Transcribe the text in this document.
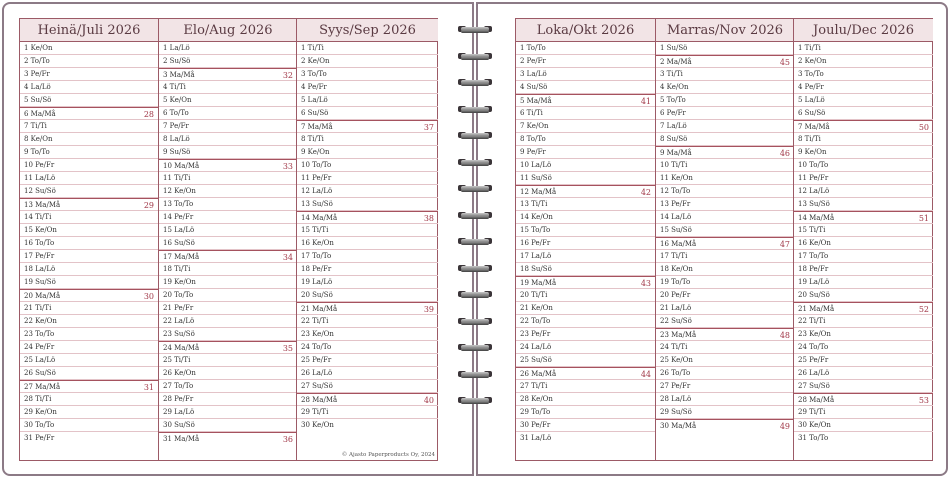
Heinä/Juli 2026
1 Ke/On
2 To/To
3 Pe/Fr
4 La/Lö
5 Su/Sö
6 Ma/Må	28
7 Ti/Ti
8 Ke/On
9 To/To
10 Pe/Fr
11 La/Lö
12 Su/Sö
13 Ma/Må	29
14 Ti/Ti
15 Ke/On
16 To/To
17 Pe/Fr
18 La/Lö
19 Su/Sö
20 Ma/Må	30
21 Ti/Ti
22 Ke/On
23 To/To
24 Pe/Fr
25 La/Lö
26 Su/Sö
27 Ma/Må	31
28 Ti/Ti
29 Ke/On
30 To/To
31 Pe/Fr
Elo/Aug 2026
1 La/Lö
2 Su/Sö
3 Ma/Må	32
4 Ti/Ti
5 Ke/On
6 To/To
7 Pe/Fr
8 La/Lö
9 Su/Sö
10 Ma/Må	33
11 Ti/Ti
12 Ke/On
13 To/To
14 Pe/Fr
15 La/Lö
16 Su/Sö
17 Ma/Må	34
18 Ti/Ti
19 Ke/On
20 To/To
21 Pe/Fr
22 La/Lö
23 Su/Sö
24 Ma/Må	35
25 Ti/Ti
26 Ke/On
27 To/To
28 Pe/Fr
29 La/Lö
30 Su/Sö
31 Ma/Må	36
Syys/Sep 2026
1 Ti/Ti
2 Ke/On
3 To/To
4 Pe/Fr
5 La/Lö
6 Su/Sö
7 Ma/Må	37
8 Ti/Ti
9 Ke/On
10 To/To
11 Pe/Fr
12 La/Lö
13 Su/Sö
14 Ma/Må	38
15 Ti/Ti
16 Ke/On
17 To/To
18 Pe/Fr
19 La/Lö
20 Su/Sö
21 Ma/Må	39
22 Ti/Ti
23 Ke/On
24 To/To
25 Pe/Fr
26 La/Lö
27 Su/Sö
28 Ma/Må	40
29 Ti/Ti
30 Ke/On
© Ajasto Paperproducts Oy, 2024
Loka/Okt 2026
1 To/To
2 Pe/Fr
3 La/Lö
4 Su/Sö
5 Ma/Må	41
6 Ti/Ti
7 Ke/On
8 To/To
9 Pe/Fr
10 La/Lö
11 Su/Sö
12 Ma/Må	42
13 Ti/Ti
14 Ke/On
15 To/To
16 Pe/Fr
17 La/Lö
18 Su/Sö
19 Ma/Må	43
20 Ti/Ti
21 Ke/On
22 To/To
23 Pe/Fr
24 La/Lö
25 Su/Sö
26 Ma/Må	44
27 Ti/Ti
28 Ke/On
29 To/To
30 Pe/Fr
31 La/Lö
Marras/Nov 2026
1 Su/Sö
2 Ma/Må	45
3 Ti/Ti
4 Ke/On
5 To/To
6 Pe/Fr
7 La/Lö
8 Su/Sö
9 Ma/Må	46
10 Ti/Ti
11 Ke/On
12 To/To
13 Pe/Fr
14 La/Lö
15 Su/Sö
16 Ma/Må	47
17 Ti/Ti
18 Ke/On
19 To/To
20 Pe/Fr
21 La/Lö
22 Su/Sö
23 Ma/Må	48
24 Ti/Ti
25 Ke/On
26 To/To
27 Pe/Fr
28 La/Lö
29 Su/Sö
30 Ma/Må	49
Joulu/Dec 2026
1 Ti/Ti
2 Ke/On
3 To/To
4 Pe/Fr
5 La/Lö
6 Su/Sö
7 Ma/Må	50
8 Ti/Ti
9 Ke/On
10 To/To
11 Pe/Fr
12 La/Lö
13 Su/Sö
14 Ma/Må	51
15 Ti/Ti
16 Ke/On
17 To/To
18 Pe/Fr
19 La/Lö
20 Su/Sö
21 Ma/Må	52
22 Ti/Ti
23 Ke/On
24 To/To
25 Pe/Fr
26 La/Lö
27 Su/Sö
28 Ma/Må	53
29 Ti/Ti
30 Ke/On
31 To/To
